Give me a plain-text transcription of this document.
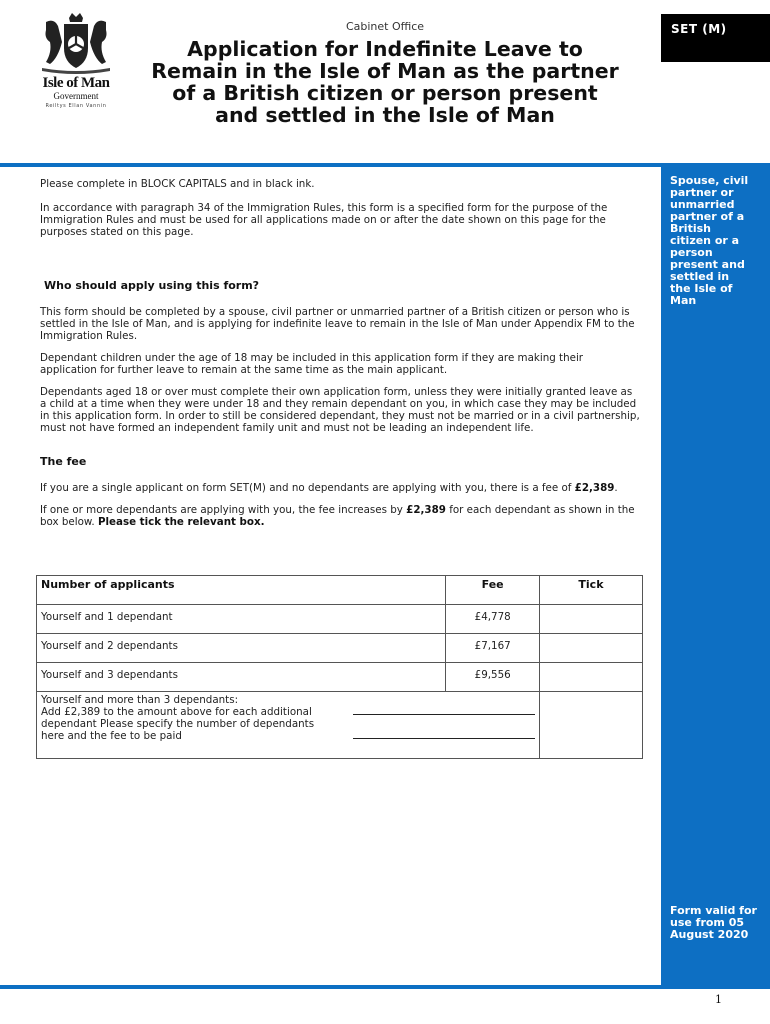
Isle of Man
Government
Reiltys Ellan Vannin
Cabinet Office
Application for Indefinite Leave to Remain in the Isle of Man as the partner of a British citizen or person present and settled in the Isle of Man
SET (M)
Spouse, civil partner or unmarried partner of a British citizen or a person present and settled in the Isle of Man
Form valid for use from 05 August 2020

Please complete in BLOCK CAPITALS and in black ink.

In accordance with paragraph 34 of the Immigration Rules, this form is a specified form for the purpose of the Immigration Rules and must be used for all applications made on or after the date shown on this page for the purposes stated on this page.

Who should apply using this form?

This form should be completed by a spouse, civil partner or unmarried partner of a British citizen or person who is settled in the Isle of Man, and is applying for indefinite leave to remain in the Isle of Man under Appendix FM to the Immigration Rules.

Dependant children under the age of 18 may be included in this application form if they are making their application for further leave to remain at the same time as the main applicant.

Dependants aged 18 or over must complete their own application form, unless they were initially granted leave as a child at a time when they were under 18 and they remain dependant on you, in which case they may be included in this application form. In order to still be considered dependant, they must not be married or in a civil partnership, must not have formed an independent family unit and must not be leading an independent life.

The fee

If you are a single applicant on form SET(M) and no dependants are applying with you, there is a fee of £2,389.

If one or more dependants are applying with you, the fee increases by £2,389 for each dependant as shown in the box below. Please tick the relevant box.

Number of applicants	Fee	Tick
Yourself and 1 dependant	£4,778	
Yourself and 2 dependants	£7,167	
Yourself and 3 dependants	£9,556	

Yourself and more than 3 dependants:
Add £2,389 to the amount above for each additional
dependant Please specify the number of dependants
here and the fee to be paid		

1
